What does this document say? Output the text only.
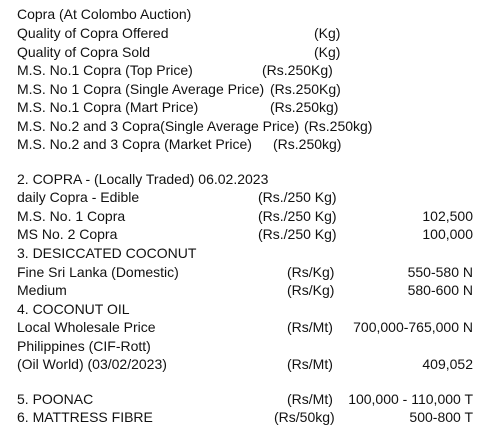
Copra (At Colombo Auction)
Quality of Copra Offered	(Kg)
Quality of Copra Sold	(Kg)
M.S. No.1 Copra (Top Price)	(Rs.250Kg)
M.S. No 1 Copra (Single Average Price) (Rs.250Kg)
M.S. No.1 Copra (Mart Price)	(Rs.250kg)
M.S. No.2 and 3 Copra(Single Average Price) (Rs.250kg)
M.S. No.2 and 3 Copra (Market Price) (Rs.250kg)
2. COPRA - (Locally Traded) 06.02.2023
daily Copra - Edible	(Rs./250 Kg)
M.S. No. 1 Copra	(Rs./250 Kg)	102,500
MS No. 2 Copra	(Rs./250 Kg)	100,000
3. DESICCATED COCONUT
Fine Sri Lanka (Domestic)	(Rs/Kg)	550-580 N
Medium	(Rs/Kg)	580-600 N
4. COCONUT OIL
Local Wholesale Price	(Rs/Mt) 700,000-765,000 N
Philippines (CIF-Rott)
(Oil World) (03/02/2023)	(Rs/Mt)	409,052
5. POONAC	(Rs/Mt) 100,000 - 110,000 T
6. MATTRESS FIBRE	(Rs/50kg)	500-800 T
